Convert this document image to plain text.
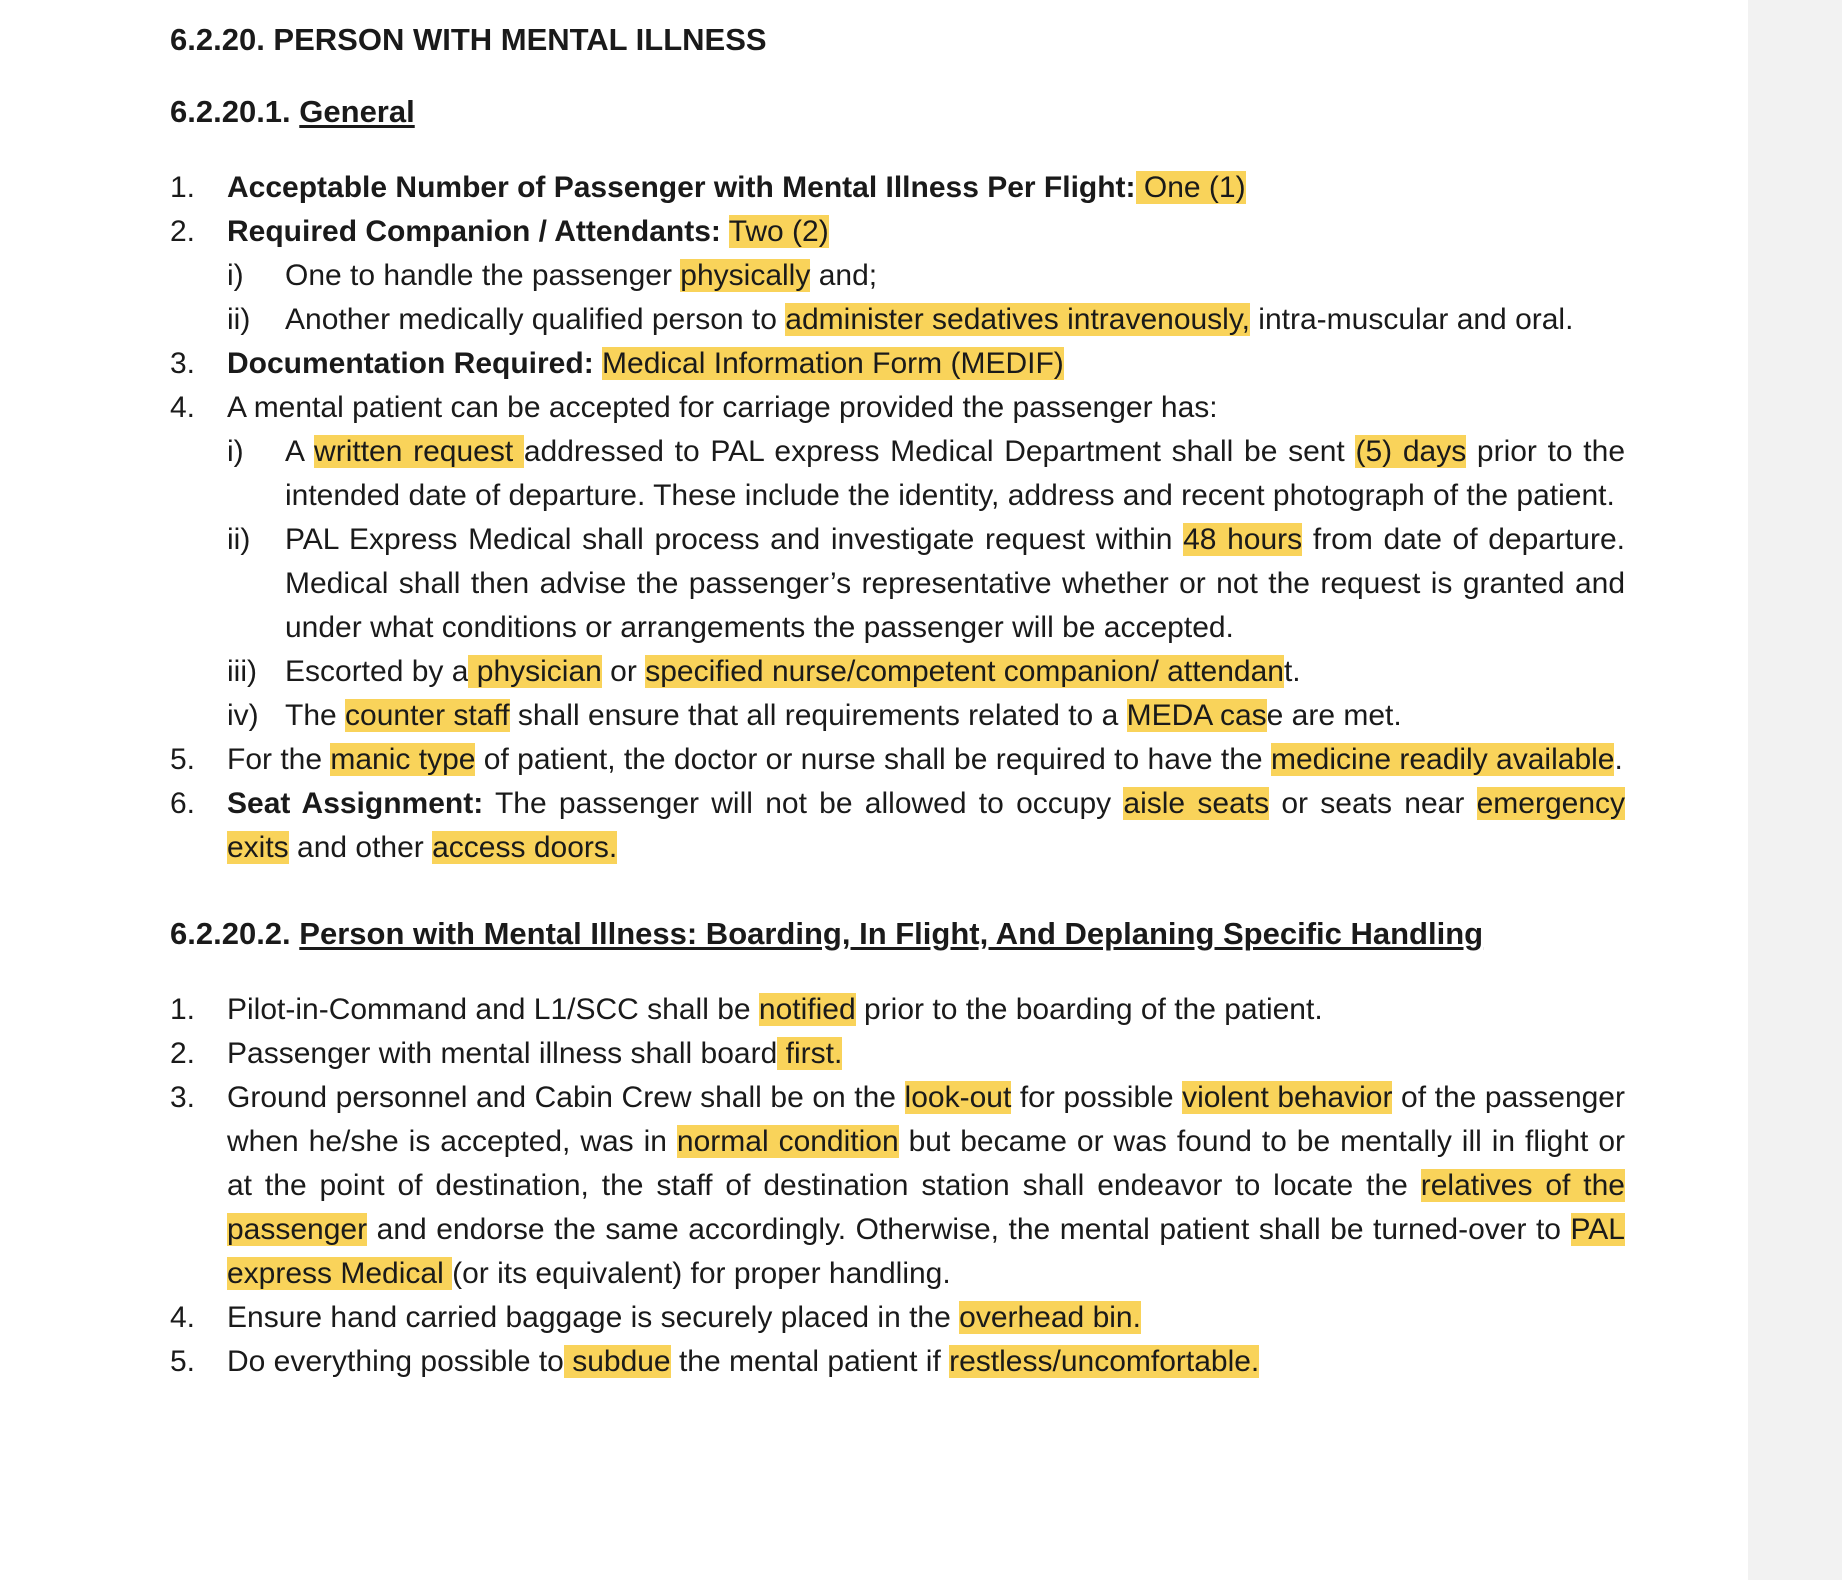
6.2.20. PERSON WITH MENTAL ILLNESS
6.2.20.1. General
1.	Acceptable Number of Passenger with Mental Illness Per Flight: One (1)
2.	Required Companion / Attendants: Two (2)
i)	One to handle the passenger physically and;
ii)	Another medically qualified person to administer sedatives intravenously, intra-muscular and oral.
3.	Documentation Required: Medical Information Form (MEDIF)
4.	A mental patient can be accepted for carriage provided the passenger has:
i)	A written request addressed to PAL express Medical Department shall be sent (5) days prior to the intended date of departure. These include the identity, address and recent photograph of the patient.
ii)	PAL Express Medical shall process and investigate request within 48 hours from date of departure. Medical shall then advise the passenger’s representative whether or not the request is granted and under what conditions or arrangements the passenger will be accepted.
iii) Escorted by a physician or specified nurse/competent companion/ attendant.
iv) The counter staff shall ensure that all requirements related to a MEDA case are met.
5.	For the manic type of patient, the doctor or nurse shall be required to have the medicine readily available.
6.	Seat Assignment: The passenger will not be allowed to occupy aisle seats or seats near emergency exits and other access doors.
6.2.20.2. Person with Mental Illness: Boarding, In Flight, And Deplaning Specific Handling
1.	Pilot-in-Command and L1/SCC shall be notified prior to the boarding of the patient.
2.	Passenger with mental illness shall board first.
3.	Ground personnel and Cabin Crew shall be on the look-out for possible violent behavior of the passenger when he/she is accepted, was in normal condition but became or was found to be mentally ill in flight or at the point of destination, the staff of destination station shall endeavor to locate the relatives of the passenger and endorse the same accordingly. Otherwise, the mental patient shall be turned-over to PAL express Medical (or its equivalent) for proper handling.
4.	Ensure hand carried baggage is securely placed in the overhead bin.
5.	Do everything possible to subdue the mental patient if restless/uncomfortable.
